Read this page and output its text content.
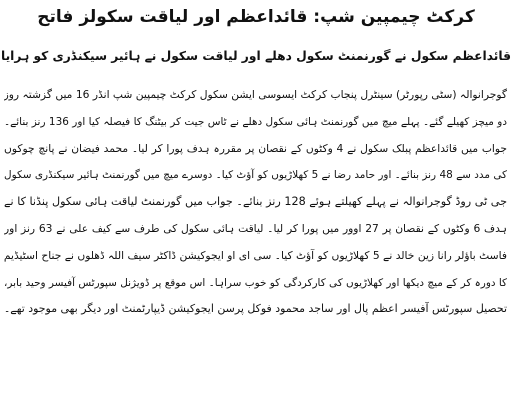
کرکٹ چیمپین شپ: قائداعظم اور لیاقت سکولز فاتح
قائداعظم سکول نے گورنمنٹ سکول دھلے اور لیاقت سکول نے ہائیر سیکنڈری کو ہرایا
گوجرانوالہ (سٹی رپورٹر) سینٹرل پنجاب کرکٹ ایسوسی ایشن سکول کرکٹ چیمپین شپ انڈر 16 میں گزشتہ روز
دو میچز کھیلے گئے۔ پہلے میچ میں گورنمنٹ ہائی سکول دھلے نے ٹاس جیت کر بیٹنگ کا فیصلہ کیا اور 136 رنز بنائے۔
جواب میں قائداعظم پبلک سکول نے 4 وکٹوں کے نقصان پر مقررہ ہدف پورا کر لیا۔ محمد فیضان نے پانچ چوکوں
کی مدد سے 48 رنز بنائے۔ اور حامد رضا نے 5 کھلاڑیوں کو آؤٹ کیا۔ دوسرے میچ میں گورنمنٹ ہائیر سیکنڈری سکول
جی ٹی روڈ گوجرانوالہ نے پہلے کھیلتے ہوئے 128 رنز بنائے۔ جواب میں گورنمنٹ لیاقت ہائی سکول پنڈنا کا نے
ہدف 6 وکٹوں کے نقصان پر 27 اوور میں پورا کر لیا۔ لیاقت ہائی سکول کی طرف سے کیف علی نے 63 رنز اور
فاسٹ باؤلر رانا زین خالد نے 5 کھلاڑیوں کو آؤٹ کیا۔ سی ای او ایجوکیشن ڈاکٹر سیف اللہ ڈھلوں نے جناح اسٹیڈیم
کا دورہ کر کے میچ دیکھا اور کھلاڑیوں کی کارکردگی کو خوب سراہا۔ اس موقع پر ڈویژنل سپورٹس آفیسر وحید بابر،
تحصیل سپورٹس آفیسر اعظم پال اور ساجد محمود فوکل پرسن ایجوکیشن ڈیپارٹمنٹ اور دیگر بھی موجود تھے۔
